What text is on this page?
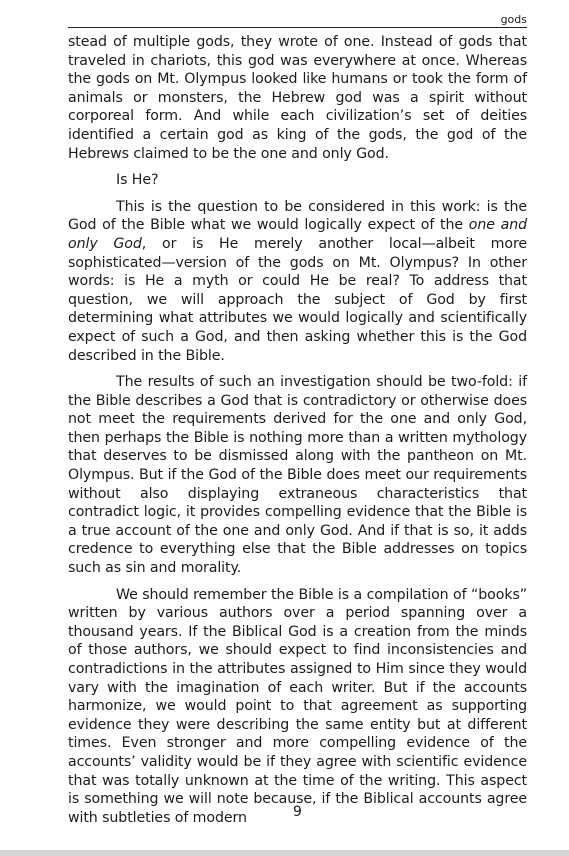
gods

stead of multiple gods, they wrote of one. Instead of gods that traveled in chariots, this god was everywhere at once. Whereas the gods on Mt. Olympus looked like humans or took the form of animals or monsters, the Hebrew god was a spirit without corporeal form. And while each civilization’s set of deities identified a certain god as king of the gods, the god of the Hebrews claimed to be the one and only God.

Is He?

This is the question to be considered in this work: is the God of the Bible what we would logically expect of the one and only God, or is He merely another local—albeit more sophisticated—version of the gods on Mt. Olympus? In other words: is He a myth or could He be real? To address that question, we will approach the subject of God by first determining what attributes we would logically and scientifically expect of such a God, and then asking whether this is the God described in the Bible.

The results of such an investigation should be two-fold: if the Bible describes a God that is contradictory or otherwise does not meet the requirements derived for the one and only God, then perhaps the Bible is nothing more than a written mythology that deserves to be dismissed along with the pantheon on Mt. Olympus. But if the God of the Bible does meet our requirements without also displaying extraneous characteristics that contradict logic, it provides compelling evidence that the Bible is a true account of the one and only God. And if that is so, it adds credence to everything else that the Bible addresses on topics such as sin and morality.

We should remember the Bible is a compilation of “books” written by various authors over a period spanning over a thousand years. If the Biblical God is a creation from the minds of those authors, we should expect to find inconsistencies and contradictions in the attributes assigned to Him since they would vary with the imagination of each writer. But if the accounts harmonize, we would point to that agreement as supporting evidence they were describing the same entity but at different times. Even stronger and more compelling evidence of the accounts’ validity would be if they agree with scientific evidence that was totally unknown at the time of the writing. This aspect is something we will note because, if the Biblical accounts agree with subtleties of modern	9
